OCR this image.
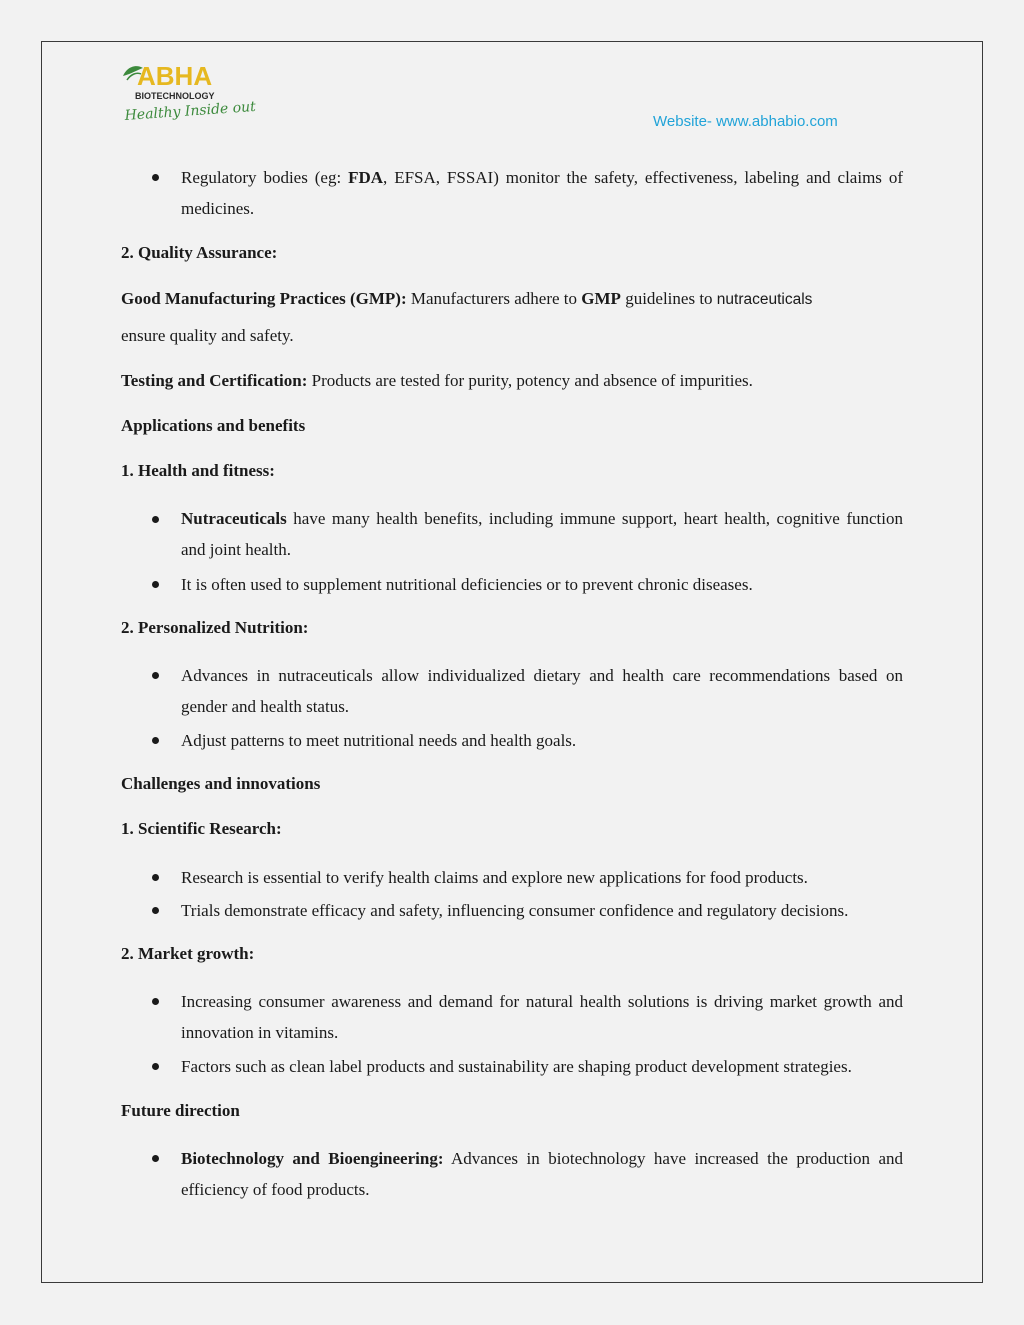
ABHA
BIOTECHNOLOGY
Healthy Inside out	Website- www.abhabio.com
Regulatory bodies (eg: FDA, EFSA, FSSAI) monitor the safety, effectiveness, labeling and claims of medicines.
2. Quality Assurance:
Good Manufacturing Practices (GMP): Manufacturers adhere to GMP guidelines to nutraceuticals
ensure quality and safety.
Testing and Certification: Products are tested for purity, potency and absence of impurities.
Applications and benefits
1. Health and fitness:
Nutraceuticals have many health benefits, including immune support, heart health, cognitive function and joint health.
It is often used to supplement nutritional deficiencies or to prevent chronic diseases.
2. Personalized Nutrition:
Advances in nutraceuticals allow individualized dietary and health care recommendations based on gender and health status.
Adjust patterns to meet nutritional needs and health goals.
Challenges and innovations
1. Scientific Research:
Research is essential to verify health claims and explore new applications for food products.
Trials demonstrate efficacy and safety, influencing consumer confidence and regulatory decisions.
2. Market growth:
Increasing consumer awareness and demand for natural health solutions is driving market growth and innovation in vitamins.
Factors such as clean label products and sustainability are shaping product development strategies.
Future direction
Biotechnology and Bioengineering: Advances in biotechnology have increased the production and efficiency of food products.
